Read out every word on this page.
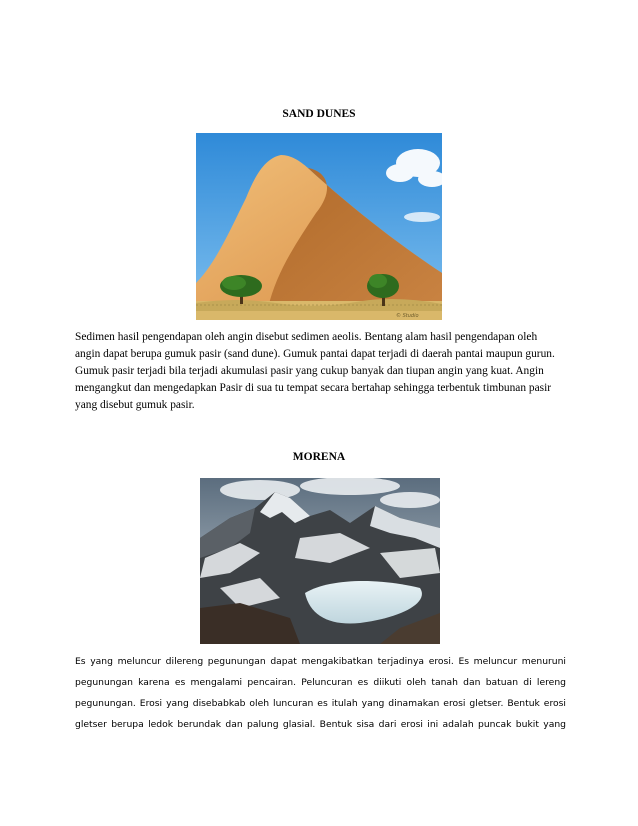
SAND DUNES
© Studio
Sedimen hasil pengendapan oleh angin disebut sedimen aeolis. Bentang alam hasil pengendapan oleh angin dapat berupa gumuk pasir (sand dune). Gumuk pantai dapat terjadi di daerah pantai maupun gurun. Gumuk pasir terjadi bila terjadi akumulasi pasir yang cukup banyak dan tiupan angin yang kuat. Angin mengangkut dan mengedapkan Pasir di sua tu tempat secara bertahap sehingga terbentuk timbunan pasir yang disebut gumuk pasir.
MORENA
Es yang meluncur dilereng pegunungan dapat mengakibatkan terjadinya erosi. Es meluncur menuruni pegunungan karena es mengalami pencairan. Peluncuran es diikuti oleh tanah dan batuan di lereng pegunungan. Erosi yang disebabkab oleh luncuran es itulah yang dinamakan erosi gletser. Bentuk erosi gletser berupa ledok berundak dan palung glasial. Bentuk sisa dari erosi ini adalah puncak bukit yang
